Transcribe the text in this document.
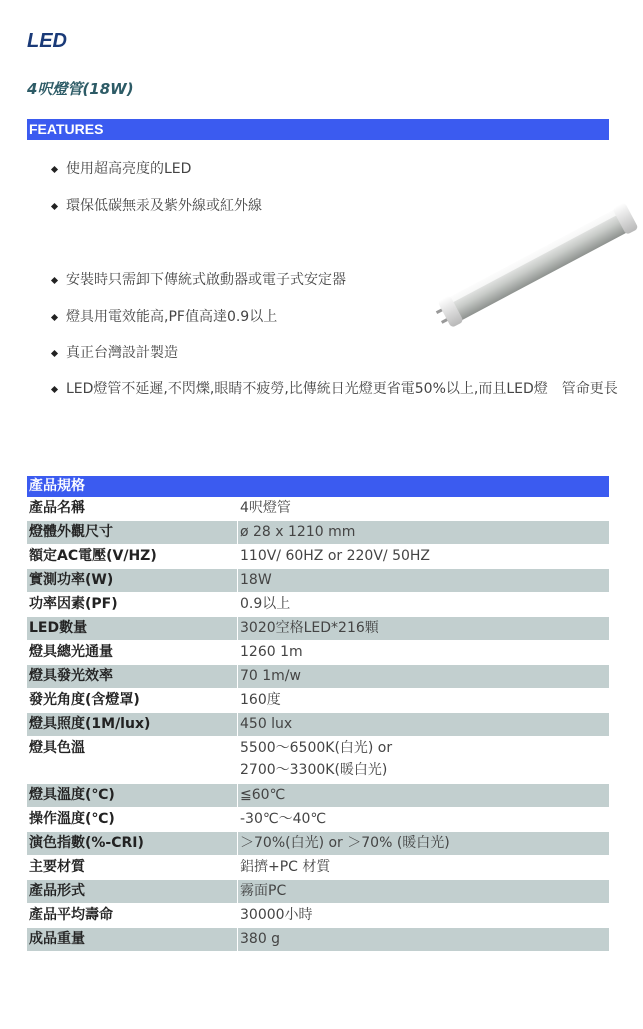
LED
4呎燈管(18W)
FEATURES
使用超高亮度的LED
環保低碳無汞及紫外線或紅外線
安裝時只需卸下傳統式啟動器或電子式安定器
燈具用電效能高,PF值高達0.9以上
真正台灣設計製造
LED燈管不延遲,不閃爍,眼睛不疲勞,比傳統日光燈更省電50%以上,而且LED燈　管命更長
產品規格
產品名稱	4呎燈管
燈體外觀尺寸	ø 28 x 1210 mm
額定AC電壓(V/HZ)	110V/ 60HZ or 220V/ 50HZ
實測功率(W)	18W
功率因素(PF)	0.9以上
LED數量	3020空格LED*216顆
燈具總光通量	1260 1m
燈具發光效率	70 1m/w
發光角度(含燈罩)	160度
燈具照度(1M/lux)	450 lux
燈具色溫	5500～6500K(白光) or
2700～3300K(暖白光)

燈具溫度(℃)	≦60℃
操作溫度(℃)	-30℃～40℃
演色指數(%-CRI)	＞70%(白光) or ＞70% (暖白光)
主要材質	鋁擠+PC 材質
產品形式	霧面PC
產品平均壽命	30000小時
成品重量	380 g
